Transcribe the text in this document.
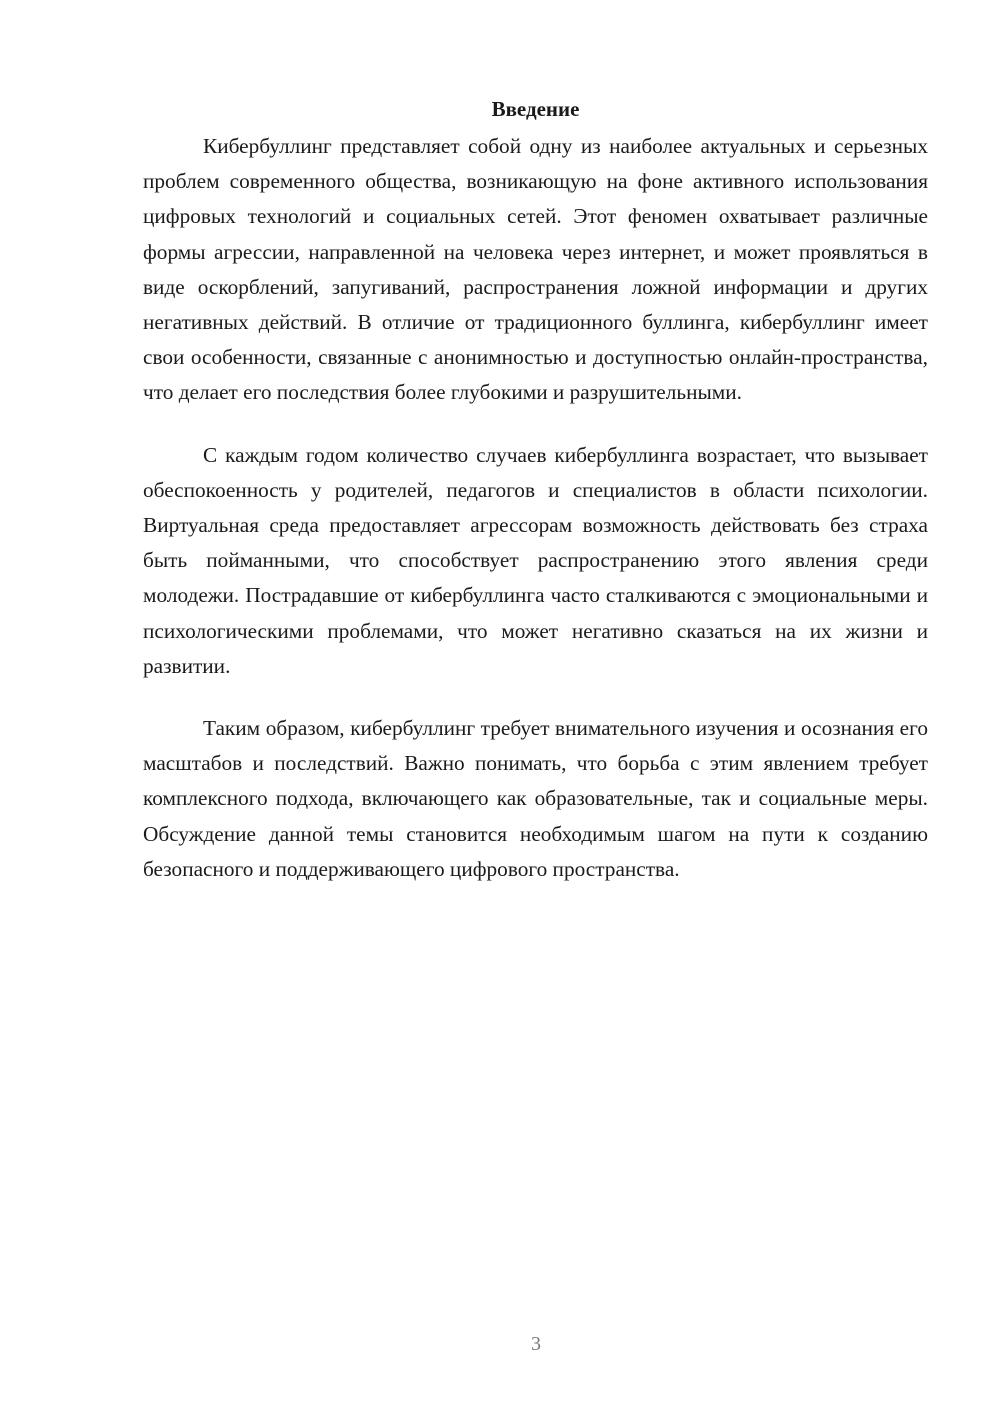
Введение

Кибербуллинг представляет собой одну из наиболее актуальных и серьезных проблем современного общества, возникающую на фоне активного использования цифровых технологий и социальных сетей. Этот феномен охватывает различные формы агрессии, направленной на человека через интернет, и может проявляться в виде оскорблений, запугиваний, распространения ложной информации и других негативных действий. В отличие от традиционного буллинга, кибербуллинг имеет свои особенности, связанные с анонимностью и доступностью онлайн-пространства, что делает его последствия более глубокими и разрушительными.

С каждым годом количество случаев кибербуллинга возрастает, что вызывает обеспокоенность у родителей, педагогов и специалистов в области психологии. Виртуальная среда предоставляет агрессорам возможность действовать без страха быть пойманными, что способствует распространению этого явления среди молодежи. Пострадавшие от кибербуллинга часто сталкиваются с эмоциональными и психологическими проблемами, что может негативно сказаться на их жизни и развитии.

Таким образом, кибербуллинг требует внимательного изучения и осознания его масштабов и последствий. Важно понимать, что борьба с этим явлением требует комплексного подхода, включающего как образовательные, так и социальные меры. Обсуждение данной темы становится необходимым шагом на пути к созданию безопасного и поддерживающего цифрового пространства.

3
